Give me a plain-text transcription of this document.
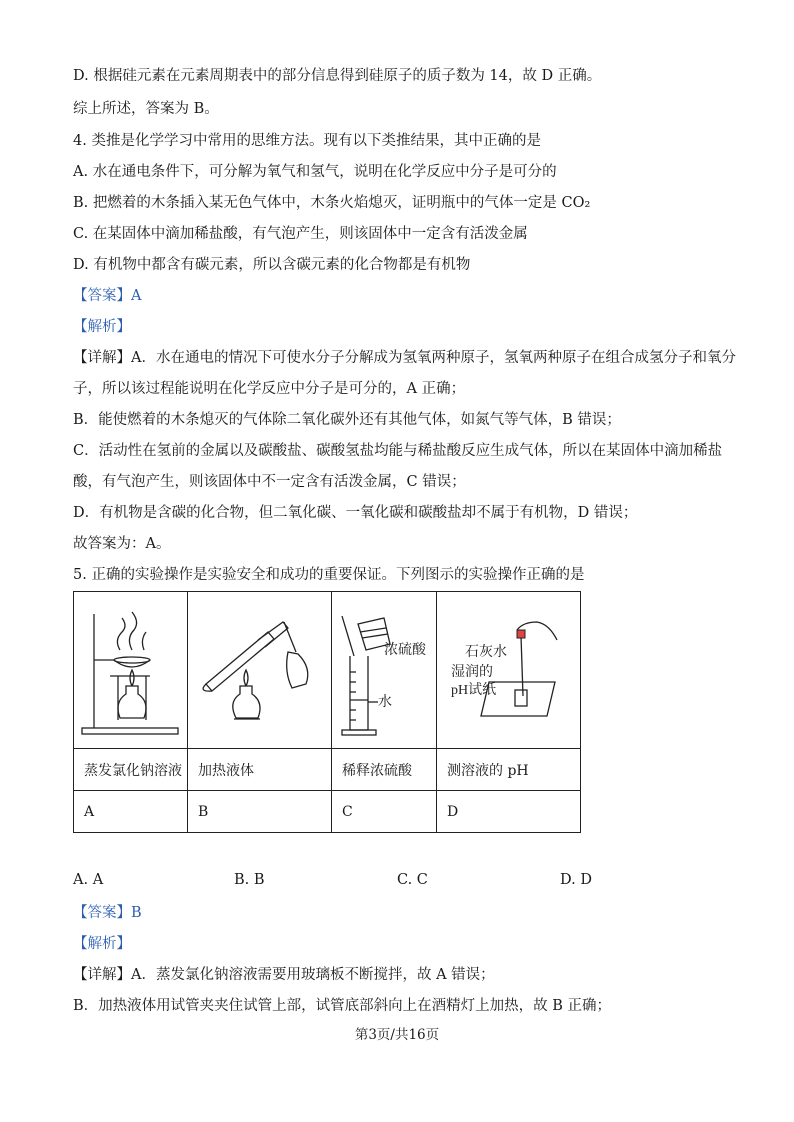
D. 根据硅元素在元素周期表中的部分信息得到硅原子的质子数为 14，故 D 正确。
综上所述，答案为 B。
4. 类推是化学学习中常用的思维方法。现有以下类推结果，其中正确的是
A. 水在通电条件下，可分解为氧气和氢气，说明在化学反应中分子是可分的
B. 把燃着的木条插入某无色气体中，木条火焰熄灭，证明瓶中的气体一定是 CO₂
C. 在某固体中滴加稀盐酸，有气泡产生，则该固体中一定含有活泼金属
D. 有机物中都含有碳元素，所以含碳元素的化合物都是有机物
【答案】A
【解析】
【详解】A．水在通电的情况下可使水分子分解成为氢氧两种原子，氢氧两种原子在组合成氢分子和氧分
子，所以该过程能说明在化学反应中分子是可分的，A 正确；
B．能使燃着的木条熄灭的气体除二氧化碳外还有其他气体，如氮气等气体，B 错误；
C．活动性在氢前的金属以及碳酸盐、碳酸氢盐均能与稀盐酸反应生成气体，所以在某固体中滴加稀盐
酸，有气泡产生，则该固体中不一定含有活泼金属，C 错误；
D．有机物是含碳的化合物，但二氧化碳、一氧化碳和碳酸盐却不属于有机物，D 错误；
故答案为：A。
5. 正确的实验操作是实验安全和成功的重要保证。下列图示的实验操作正确的是

浓硫酸
水	石灰水
湿润的
pH试纸

蒸发氯化钠溶液	加热液体	稀释浓硫酸	测溶液的 pH
A	B	C	D
A. A	B. B	C. C	D. D
【答案】B
【解析】
【详解】A．蒸发氯化钠溶液需要用玻璃板不断搅拌，故 A 错误；
B．加热液体用试管夹夹住试管上部，试管底部斜向上在酒精灯上加热，故 B 正确；
第3页/共16页
